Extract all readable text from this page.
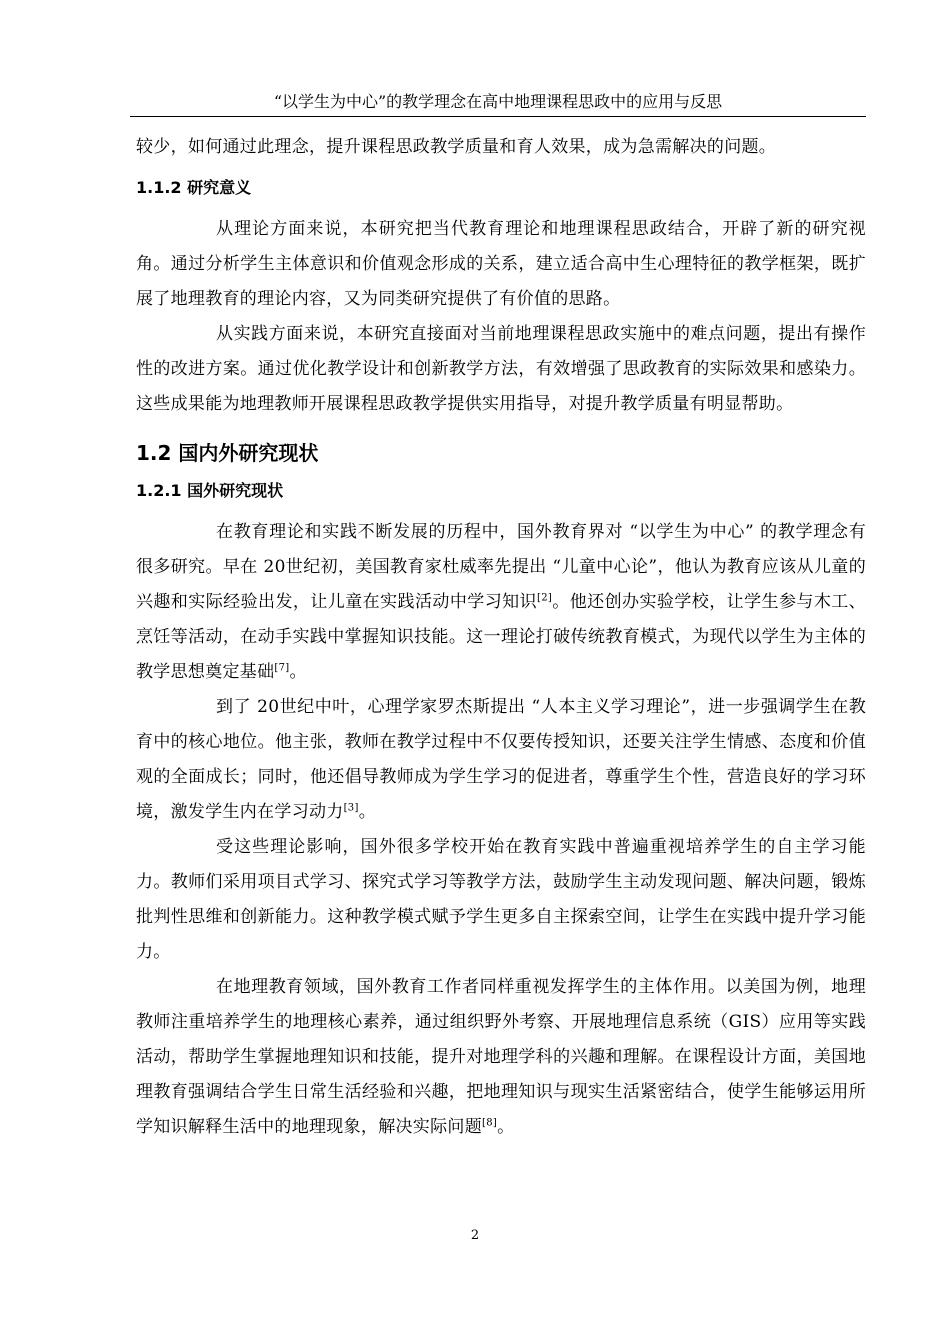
“以学生为中心”的教学理念在高中地理课程思政中的应用与反思

较少，如何通过此理念，提升课程思政教学质量和育人效果，成为急需解决的问题。

1.1.2 研究意义

从理论方面来说，本研究把当代教育理论和地理课程思政结合，开辟了新的研究视角。通过分析学生主体意识和价值观念形成的关系，建立适合高中生心理特征的教学框架，既扩展了地理教育的理论内容，又为同类研究提供了有价值的思路。

从实践方面来说，本研究直接面对当前地理课程思政实施中的难点问题，提出有操作性的改进方案。通过优化教学设计和创新教学方法，有效增强了思政教育的实际效果和感染力。这些成果能为地理教师开展课程思政教学提供实用指导，对提升教学质量有明显帮助。

1.2 国内外研究现状
1.2.1 国外研究现状

在教育理论和实践不断发展的历程中，国外教育界对 “以学生为中心” 的教学理念有很多研究。早在 20世纪初，美国教育家杜威率先提出 “儿童中心论”，他认为教育应该从儿童的兴趣和实际经验出发，让儿童在实践活动中学习知识[2]。他还创办实验学校，让学生参与木工、烹饪等活动，在动手实践中掌握知识技能。这一理论打破传统教育模式，为现代以学生为主体的教学思想奠定基础[7]。

到了 20世纪中叶，心理学家罗杰斯提出 “人本主义学习理论”，进一步强调学生在教育中的核心地位。他主张，教师在教学过程中不仅要传授知识，还要关注学生情感、态度和价值观的全面成长；同时，他还倡导教师成为学生学习的促进者，尊重学生个性，营造良好的学习环境，激发学生内在学习动力[3]。

受这些理论影响，国外很多学校开始在教育实践中普遍重视培养学生的自主学习能力。教师们采用项目式学习、探究式学习等教学方法，鼓励学生主动发现问题、解决问题，锻炼批判性思维和创新能力。这种教学模式赋予学生更多自主探索空间，让学生在实践中提升学习能力。

在地理教育领域，国外教育工作者同样重视发挥学生的主体作用。以美国为例，地理教师注重培养学生的地理核心素养，通过组织野外考察、开展地理信息系统（GIS）应用等实践活动，帮助学生掌握地理知识和技能，提升对地理学科的兴趣和理解。在课程设计方面，美国地理教育强调结合学生日常生活经验和兴趣，把地理知识与现实生活紧密结合，使学生能够运用所学知识解释生活中的地理现象，解决实际问题[8]。

2
